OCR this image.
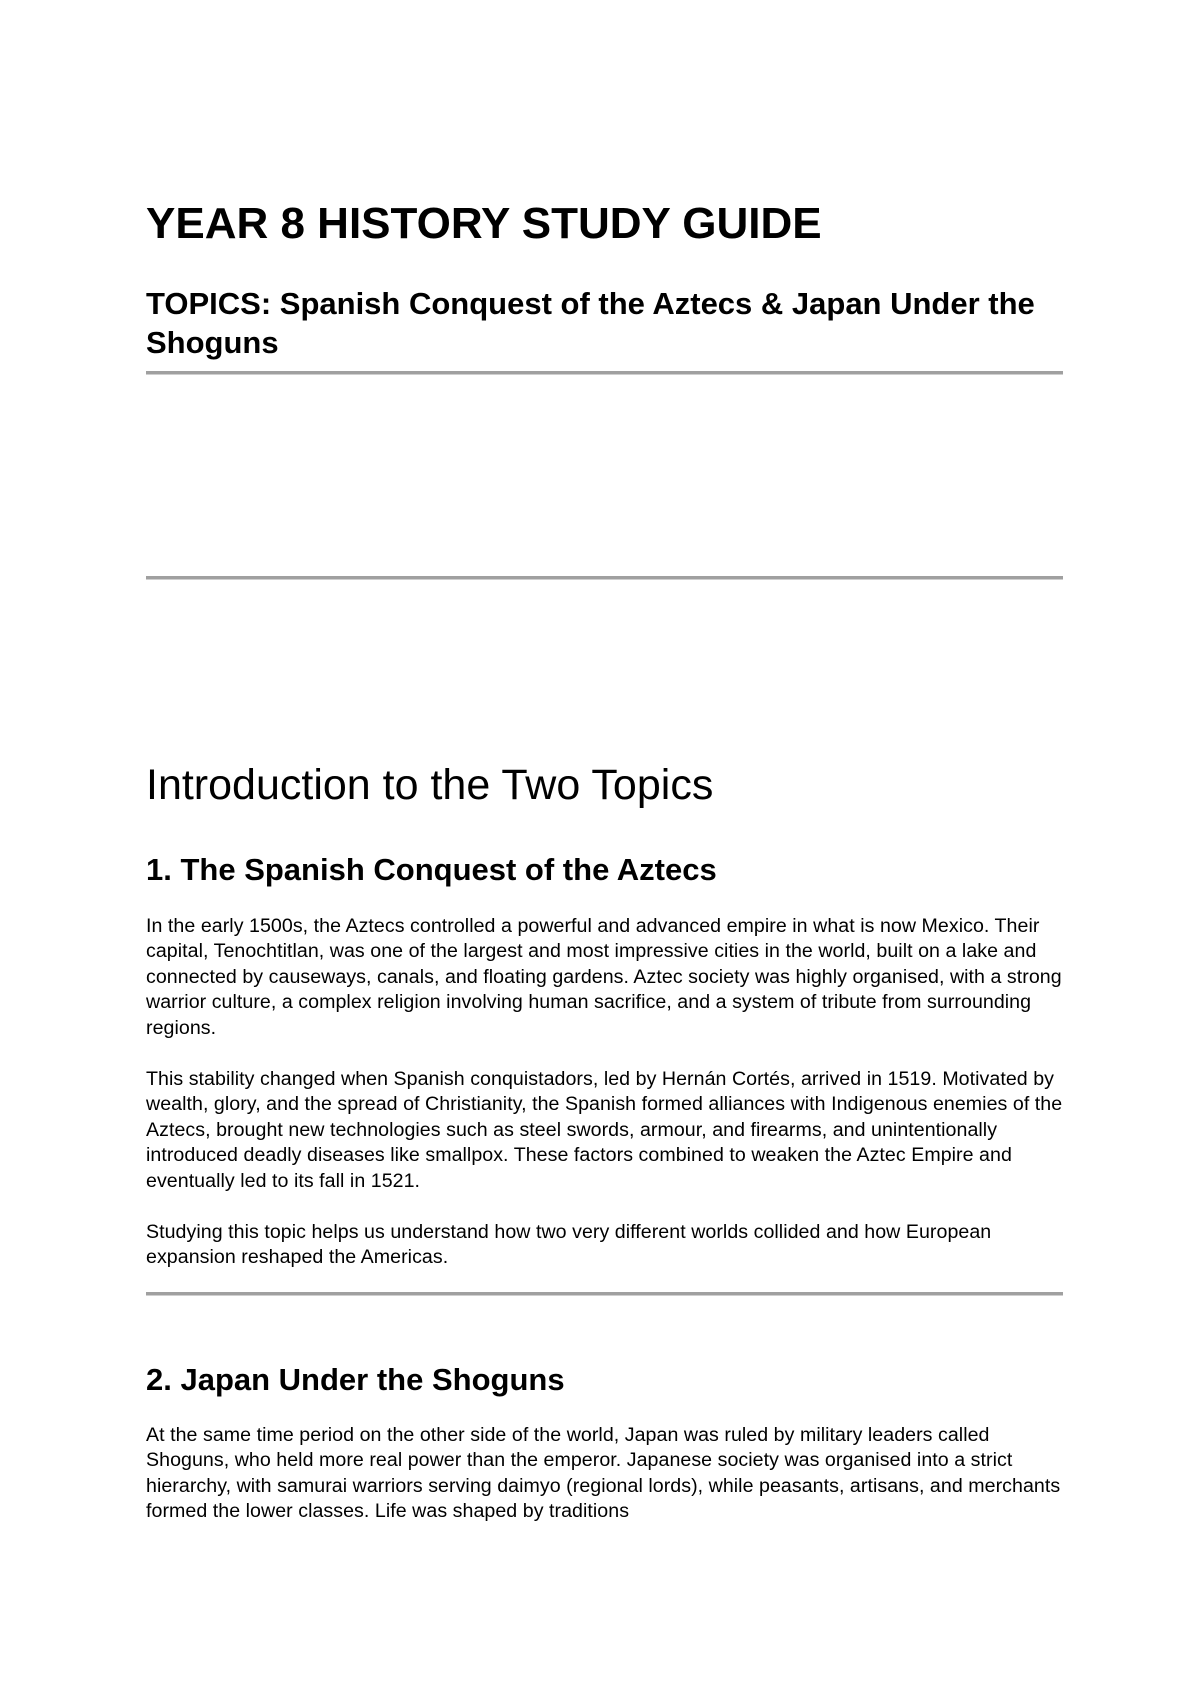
YEAR 8 HISTORY STUDY GUIDE
TOPICS: Spanish Conquest of the Aztecs & Japan Under the Shoguns
Introduction to the Two Topics
1. The Spanish Conquest of the Aztecs

In the early 1500s, the Aztecs controlled a powerful and advanced empire in what is now Mexico. Their capital, Tenochtitlan, was one of the largest and most impressive cities in the world, built on a lake and connected by causeways, canals, and floating gardens. Aztec society was highly organised, with a strong warrior culture, a complex religion involving human sacrifice, and a system of tribute from surrounding regions.

This stability changed when Spanish conquistadors, led by Hernán Cortés, arrived in 1519. Motivated by wealth, glory, and the spread of Christianity, the Spanish formed alliances with Indigenous enemies of the Aztecs, brought new technologies such as steel swords, armour, and firearms, and unintentionally introduced deadly diseases like smallpox. These factors combined to weaken the Aztec Empire and eventually led to its fall in 1521.

Studying this topic helps us understand how two very different worlds collided and how European expansion reshaped the Americas.

2. Japan Under the Shoguns

At the same time period on the other side of the world, Japan was ruled by military leaders called Shoguns, who held more real power than the emperor. Japanese society was organised into a strict hierarchy, with samurai warriors serving daimyo (regional lords), while peasants, artisans, and merchants formed the lower classes. Life was shaped by traditions
